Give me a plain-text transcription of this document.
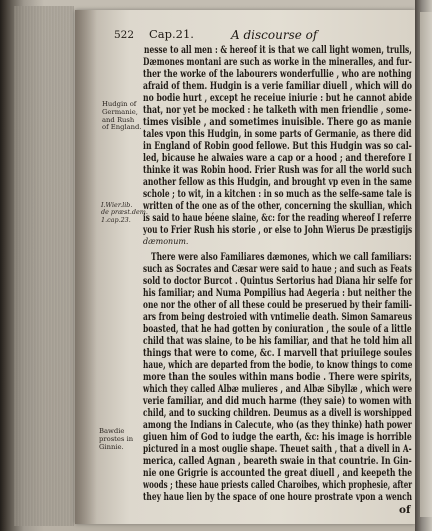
522 Cap.21.	A discourse of
Hudgin of
Germanie,
and Rush
of England.
I.Wier.lib.
de præst.dem.
1.cap.23.
Bawdie
prostes in
Ginnie.
nesse to all men : & hereof it is that we call light women, trulls,
Dæmones montani are such as worke in the mineralles, and fur-
ther the worke of the labourers wonderfullie , who are nothing
afraid of them. Hudgin is a verie familiar diuell , which will do
no bodie hurt , except he receiue iniurie : but he cannot abide
that, nor yet be mocked : he talketh with men friendlie , some-
times visible , and sometimes inuisible. There go as manie
tales vpon this Hudgin, in some parts of Germanie, as there did
in England of Robin good fellowe. But this Hudgin was so cal-
led, bicause he alwaies ware a cap or a hood ; and therefore I
thinke it was Robin hood. Frier Rush was for all the world such
another fellow as this Hudgin, and brought vp even in the same
schole ; to wit, in a kitchen : in so much as the selfe-same tale is
written of the one as of the other, concerning the skullian, which
is said to haue béene slaine, &c: for the reading whereof I referre
you to Frier Rush his storie , or else to John Wierus De præstigijs
dæmonum.
There were also Familiares dæmones, which we call familiars:
such as Socrates and Cæsar were said to haue ; and such as Feats
sold to doctor Burcot . Quintus Sertorius had Diana hir selfe for
his familiar; and Numa Pompilius had Aegeria : but neither the
one nor the other of all these could be preserued by their famili-
ars from being destroied with vntimelie death. Simon Samareus
boasted, that he had gotten by coniuration , the soule of a little
child that was slaine, to be his familiar, and that he told him all
things that were to come, &c. I marvell that priuilege soules
haue, which are departed from the bodie, to know things to come
more than the soules within mans bodie . There were spirits,
which they called Albæ mulieres , and Albæ Sibyllæ , which were
verie familiar, and did much harme (they saie) to women with
child, and to sucking children. Deumus as a divell is worshipped
among the Indians in Calecute, who (as they thinke) hath power
giuen him of God to iudge the earth, &c: his image is horrible
pictured in a most ouglie shape. Theuet saith , that a divell in A-
merica, called Agnan , beareth swaie in that countrie. In Gin-
nie one Grigrie is accounted the great diuell , and keepeth the
woods ; these haue priests called Charoibes, which prophesie, after
they haue lien by the space of one houre prostrate vpon a wench
of
